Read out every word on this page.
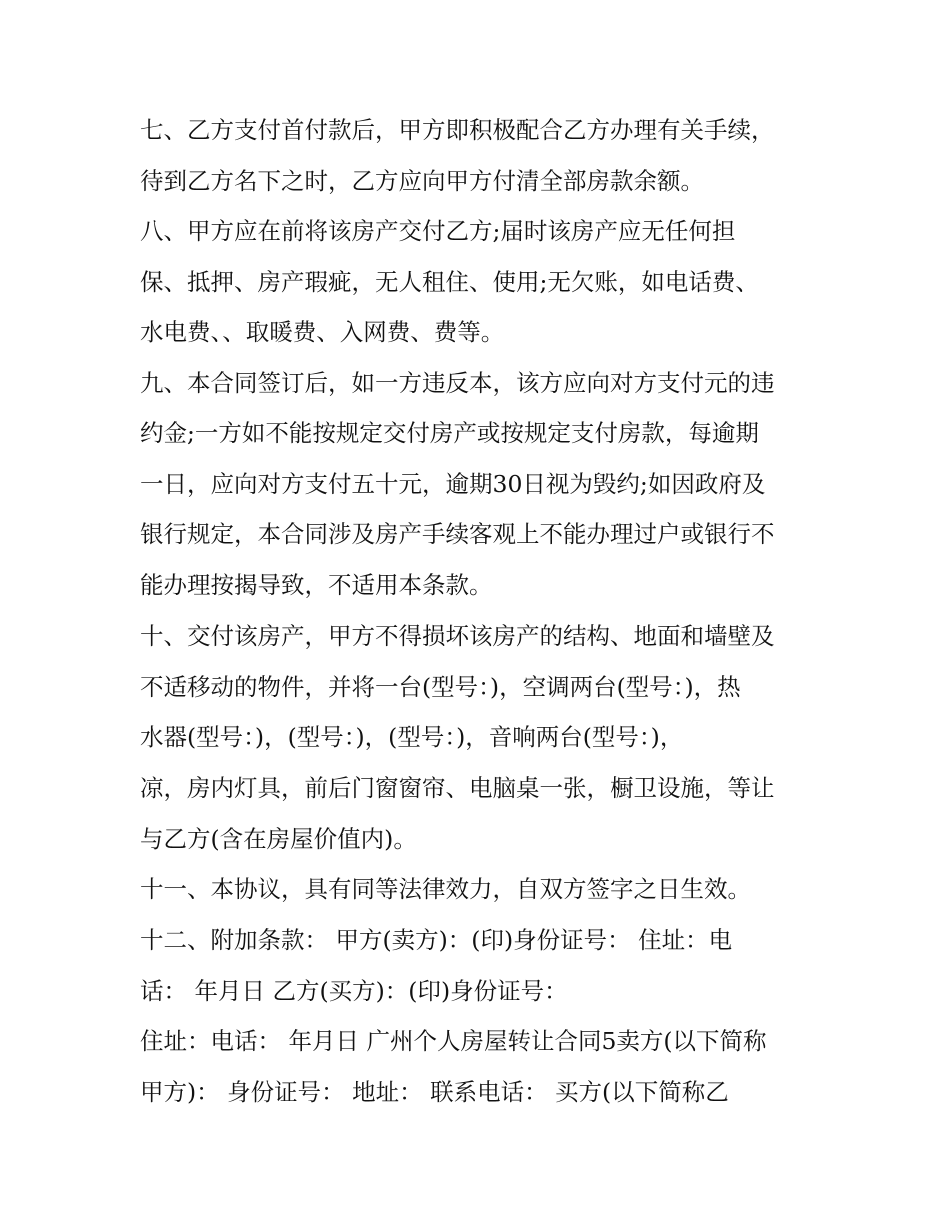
七、乙方支付首付款后，甲方即积极配合乙方办理有关手续，
待到乙方名下之时，乙方应向甲方付清全部房款余额。
八、甲方应在前将该房产交付乙方;届时该房产应无任何担
保、抵押、房产瑕疵，无人租住、使用;无欠账，如电话费、
水电费、、取暖费、入网费、费等。
九、本合同签订后，如一方违反本，该方应向对方支付元的违
约金;一方如不能按规定交付房产或按规定支付房款，每逾期
一日，应向对方支付五十元，逾期30日视为毁约;如因政府及
银行规定，本合同涉及房产手续客观上不能办理过户或银行不
能办理按揭导致，不适用本条款。
十、交付该房产，甲方不得损坏该房产的结构、地面和墙壁及
不适移动的物件，并将一台(型号：)，空调两台(型号：)，热
水器(型号：)，(型号：)，(型号：)，音响两台(型号：)，
凉，房内灯具，前后门窗窗帘、电脑桌一张，橱卫设施，等让
与乙方(含在房屋价值内)。
十一、本协议，具有同等法律效力，自双方签字之日生效。
十二、附加条款： 甲方(卖方)：(印)身份证号： 住址：电
话： 年月日 乙方(买方)：(印)身份证号：
住址：电话： 年月日 广州个人房屋转让合同5卖方(以下简称
甲方)： 身份证号： 地址： 联系电话： 买方(以下简称乙
